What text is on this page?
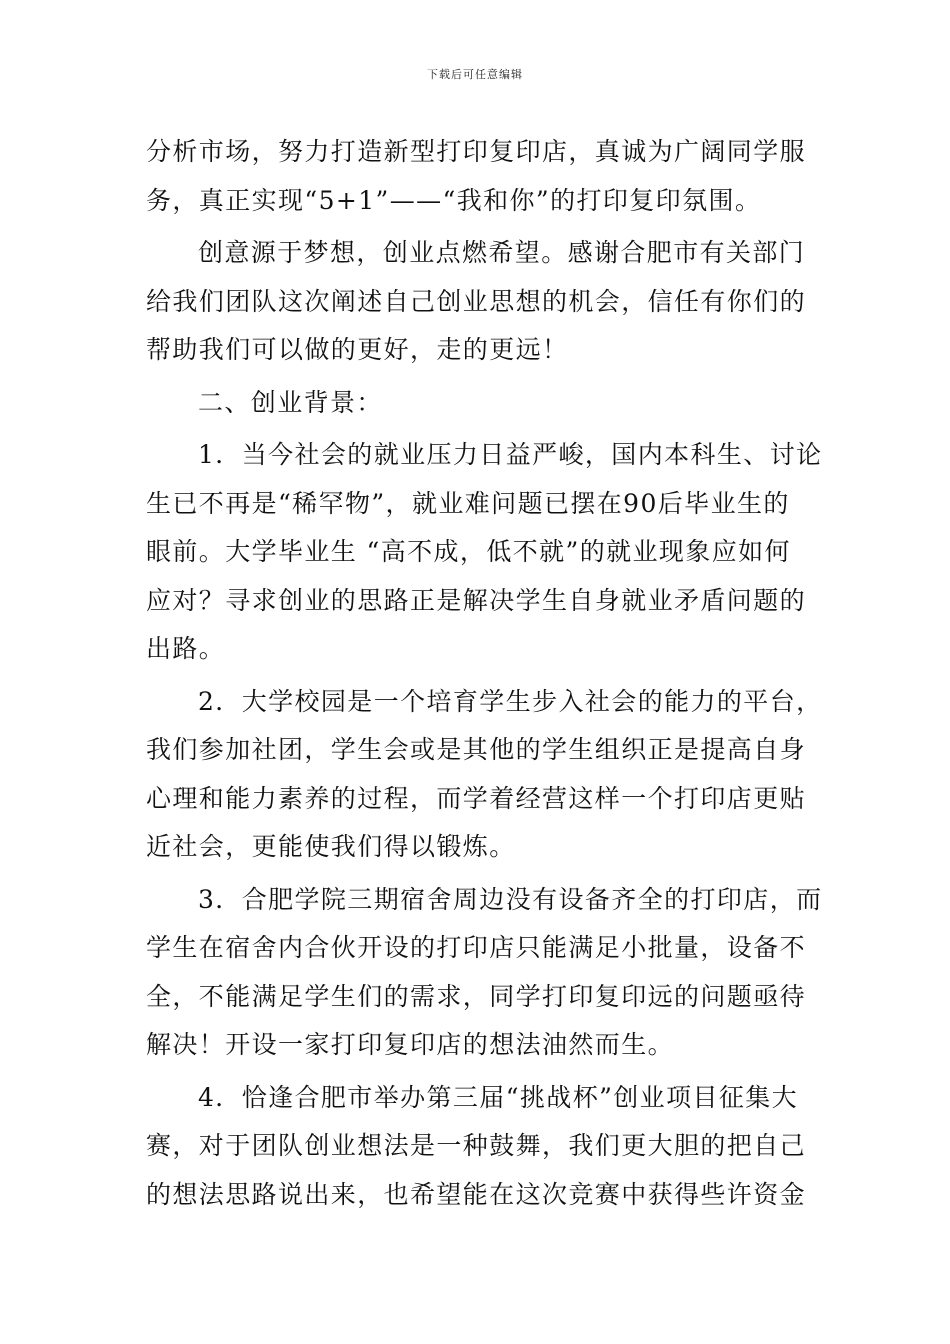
下载后可任意编辑
分析市场，努力打造新型打印复印店，真诚为广阔同学服
务，真正实现“5+1”——“我和你”的打印复印氛围。
创意源于梦想，创业点燃希望。感谢合肥市有关部门
给我们团队这次阐述自己创业思想的机会，信任有你们的
帮助我们可以做的更好，走的更远！
二、创业背景：
1．当今社会的就业压力日益严峻，国内本科生、讨论
生已不再是“稀罕物”，就业难问题已摆在90后毕业生的
眼前。大学毕业生 “高不成，低不就”的就业现象应如何
应对？寻求创业的思路正是解决学生自身就业矛盾问题的
出路。
2．大学校园是一个培育学生步入社会的能力的平台，
我们参加社团，学生会或是其他的学生组织正是提高自身
心理和能力素养的过程，而学着经营这样一个打印店更贴
近社会，更能使我们得以锻炼。
3．合肥学院三期宿舍周边没有设备齐全的打印店，而
学生在宿舍内合伙开设的打印店只能满足小批量，设备不
全，不能满足学生们的需求，同学打印复印远的问题亟待
解决！开设一家打印复印店的想法油然而生。
4．恰逢合肥市举办第三届“挑战杯”创业项目征集大
赛，对于团队创业想法是一种鼓舞，我们更大胆的把自己
的想法思路说出来，也希望能在这次竞赛中获得些许资金
